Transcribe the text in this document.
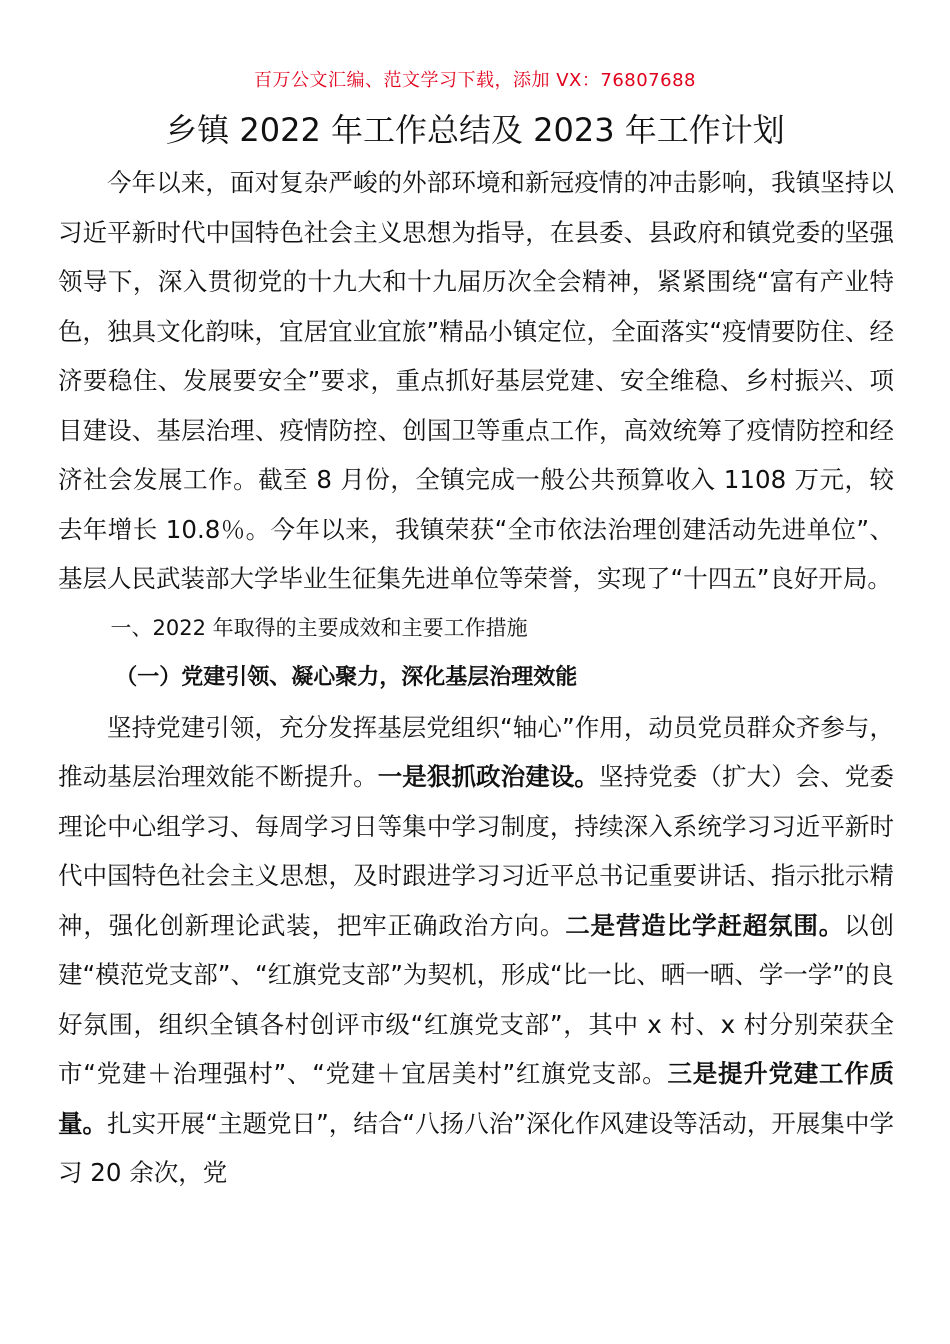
百万公文汇编、范文学习下载，添加 VX：76807688
乡镇 2022 年工作总结及 2023 年工作计划

今年以来，面对复杂严峻的外部环境和新冠疫情的冲击影响，我镇坚持以习近平新时代中国特色社会主义思想为指导，在县委、县政府和镇党委的坚强领导下，深入贯彻党的十九大和十九届历次全会精神，紧紧围绕“富有产业特色，独具文化韵味，宜居宜业宜旅”精品小镇定位，全面落实“疫情要防住、经济要稳住、发展要安全”要求，重点抓好基层党建、安全维稳、乡村振兴、项目建设、基层治理、疫情防控、创国卫等重点工作，高效统筹了疫情防控和经济社会发展工作。截至 8 月份，全镇完成一般公共预算收入 1108 万元，较去年增长 10.8％。今年以来，我镇荣获“全市依法治理创建活动先进单位”、基层人民武装部大学毕业生征集先进单位等荣誉，实现了“十四五”良好开局。

一、2022 年取得的主要成效和主要工作措施

（一）党建引领、凝心聚力，深化基层治理效能

坚持党建引领，充分发挥基层党组织“轴心”作用，动员党员群众齐参与，推动基层治理效能不断提升。一是狠抓政治建设。坚持党委（扩大）会、党委理论中心组学习、每周学习日等集中学习制度，持续深入系统学习习近平新时代中国特色社会主义思想，及时跟进学习习近平总书记重要讲话、指示批示精神，强化创新理论武装，把牢正确政治方向。二是营造比学赶超氛围。以创建“模范党支部”、“红旗党支部”为契机，形成“比一比、晒一晒、学一学”的良好氛围，组织全镇各村创评市级“红旗党支部”，其中 x 村、x 村分别荣获全市“党建＋治理强村”、“党建＋宜居美村”红旗党支部。三是提升党建工作质量。扎实开展“主题党日”，结合“八扬八治”深化作风建设等活动，开展集中学习 20 余次，党
